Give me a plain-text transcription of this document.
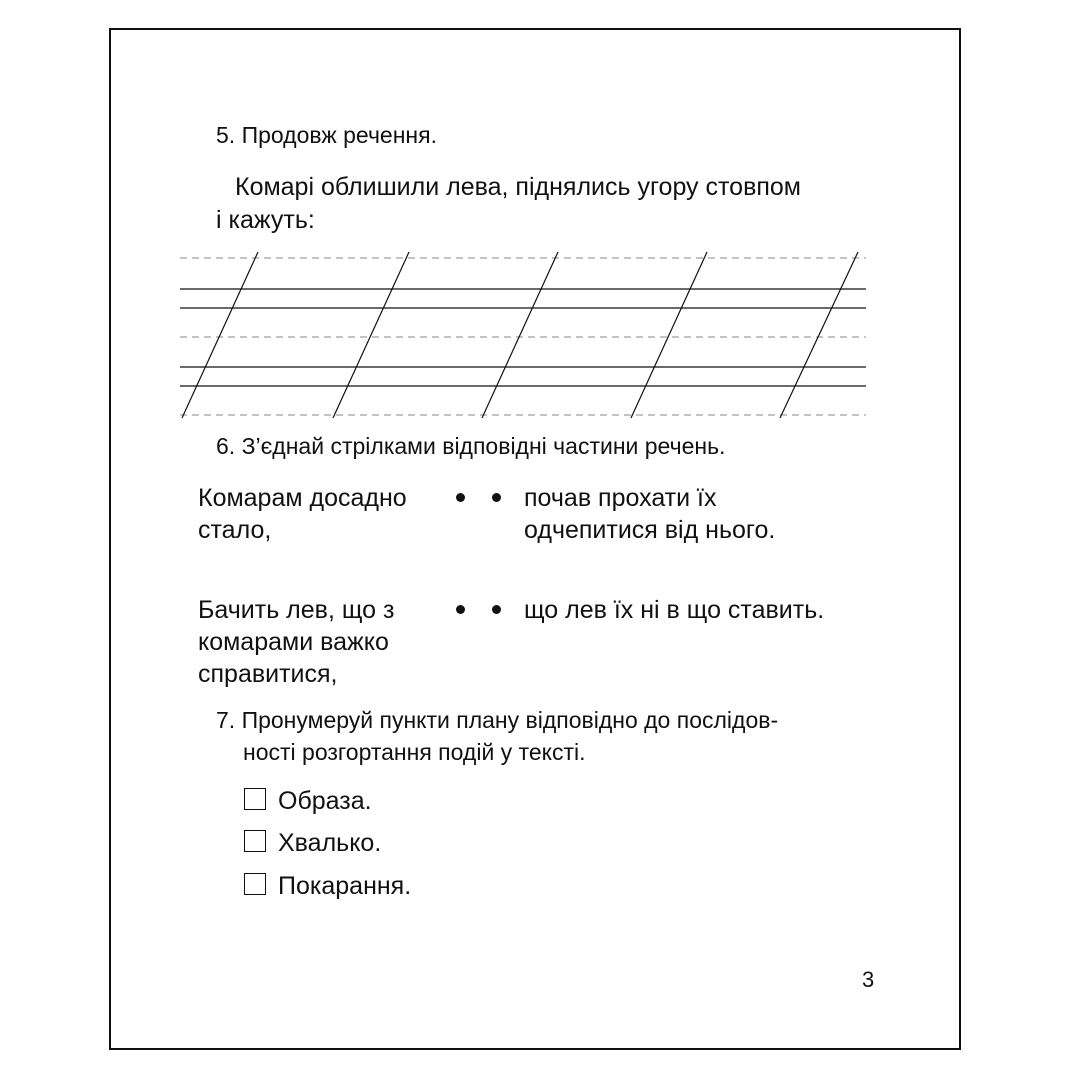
5. Продовж речення.
Комарі облишили лева, піднялись угору стовпом
і кажуть:
6. З’єднай стрілками відповідні частини речень.
Комарам досадно
стало,
почав прохати їх
одчепитися від нього.
Бачить лев, що з
комарами важко
справитися,
що лев їх ні в що ставить.
7. Пронумеруй пункти плану відповідно до послідов-
ності розгортання подій у тексті.
Образа.
Хвалько.
Покарання.
3
